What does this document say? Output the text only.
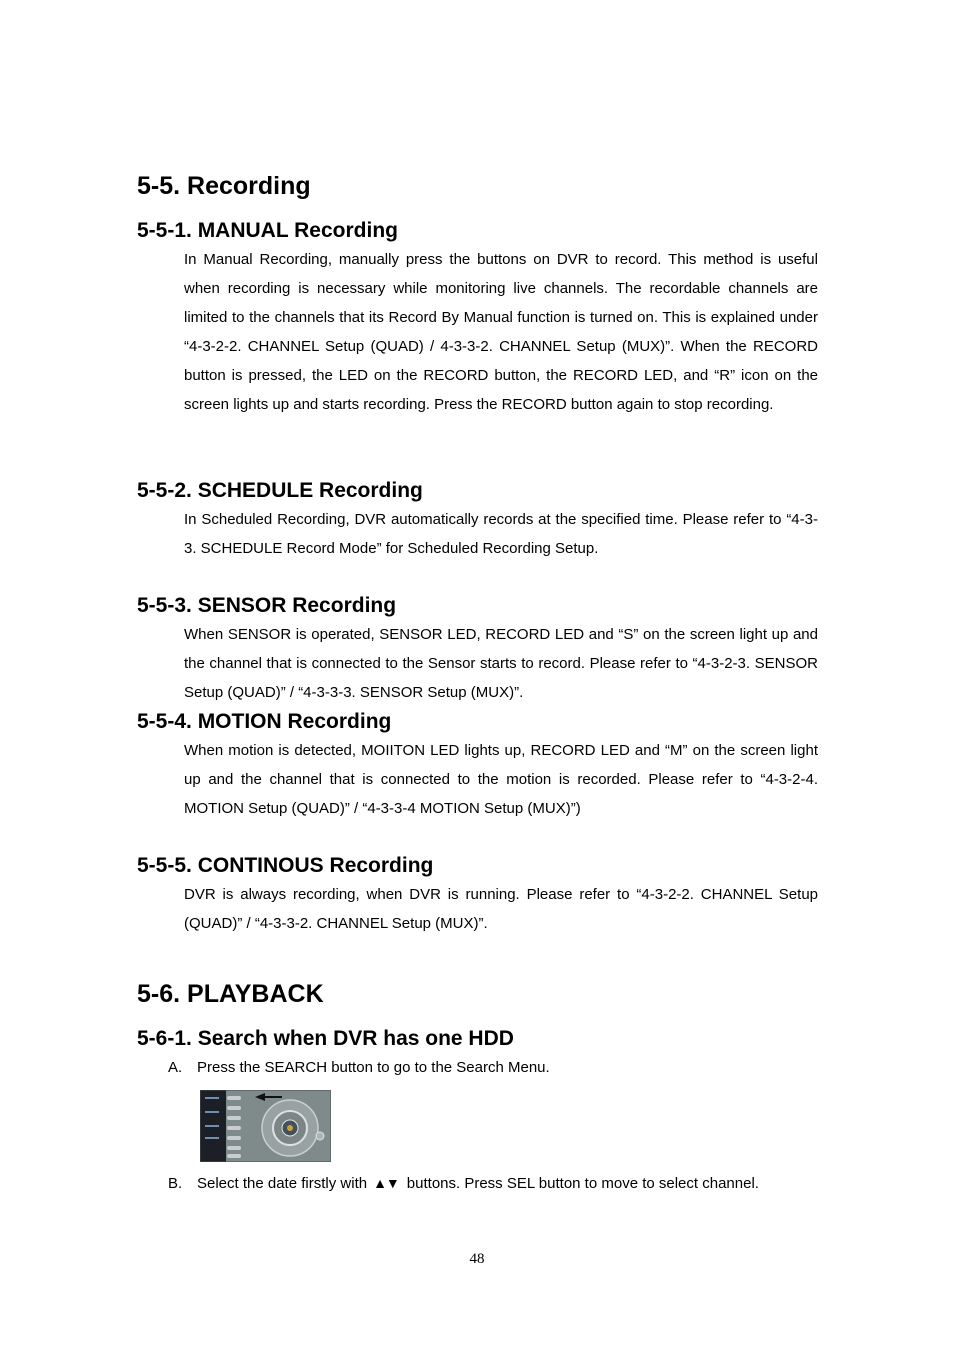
5-5. Recording
5-5-1. MANUAL Recording

In Manual Recording, manually press the buttons on DVR to record. This method is useful when recording is necessary while monitoring live channels. The recordable channels are limited to the channels that its Record By Manual function is turned on. This is explained under “4-3-2-2. CHANNEL Setup (QUAD) / 4-3-3-2. CHANNEL Setup (MUX)”. When the RECORD button is pressed, the LED on the RECORD button, the RECORD LED, and “R” icon on the screen lights up and starts recording. Press the RECORD button again to stop recording.

5-5-2. SCHEDULE Recording

In Scheduled Recording, DVR automatically records at the specified time. Please refer to “4-3-3. SCHEDULE Record Mode” for Scheduled Recording Setup.

5-5-3. SENSOR Recording

When SENSOR is operated, SENSOR LED, RECORD LED and “S” on the screen light up and the channel that is connected to the Sensor starts to record. Please refer to “4-3-2-3. SENSOR Setup (QUAD)” / “4-3-3-3. SENSOR Setup (MUX)”.

5-5-4. MOTION Recording

When motion is detected, MOIITON LED lights up, RECORD LED and “M” on the screen light up and the channel that is connected to the motion is recorded. Please refer to “4-3-2-4. MOTION Setup (QUAD)” / “4-3-3-4 MOTION Setup (MUX)”)

5-5-5. CONTINOUS Recording

DVR is always recording, when DVR is running. Please refer to “4-3-2-2. CHANNEL Setup (QUAD)” / “4-3-3-2. CHANNEL Setup (MUX)”.

5-6. PLAYBACK
5-6-1. Search when DVR has one HDD

A. Press the SEARCH button to go to the Search Menu.

B. Select the date firstly with ▲▼ buttons. Press SEL button to move to select channel.

48
